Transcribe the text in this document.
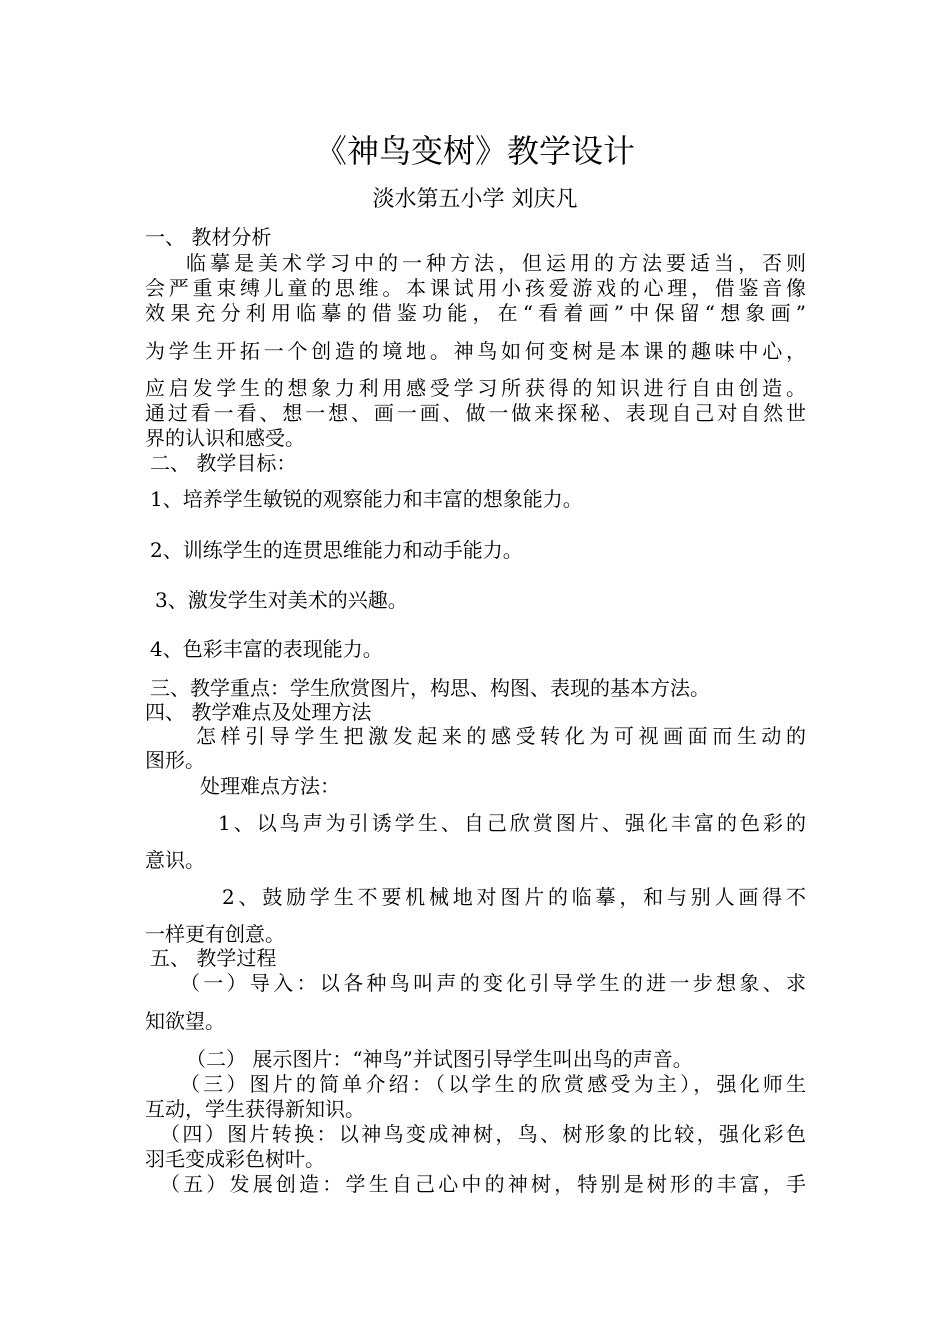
《神鸟变树》教学设计
淡水第五小学 刘庆凡
一、 教材分析
临摹是美术学习中的一种方法，但运用的方法要适当，否则
会严重束缚儿童的思维。本课试用小孩爱游戏的心理，借鉴音像
效果充分利用临摹的借鉴功能，在“看着画”中保留“想象画”
为学生开拓一个创造的境地。神鸟如何变树是本课的趣味中心，
应启发学生的想象力利用感受学习所获得的知识进行自由创造。
通过看一看、想一想、画一画、做一做来探秘、表现自己对自然世
界的认识和感受。
二、 教学目标：
1、培养学生敏锐的观察能力和丰富的想象能力。
2、训练学生的连贯思维能力和动手能力。
3、激发学生对美术的兴趣。
4、色彩丰富的表现能力。
三、教学重点：学生欣赏图片，构思、构图、表现的基本方法。
四、 教学难点及处理方法
怎样引导学生把激发起来的感受转化为可视画面而生动的
图形。
处理难点方法：
1、以鸟声为引诱学生、自己欣赏图片、强化丰富的色彩的
意识。
2、鼓励学生不要机械地对图片的临摹，和与别人画得不
一样更有创意。
五、 教学过程
（一）导入：以各种鸟叫声的变化引导学生的进一步想象、求
知欲望。
（二） 展示图片：“神鸟”并试图引导学生叫出鸟的声音。
（三）图片的简单介绍：（以学生的欣赏感受为主），强化师生
互动，学生获得新知识。
（四）图片转换：以神鸟变成神树，鸟、树形象的比较，强化彩色
羽毛变成彩色树叶。
（五）发展创造：学生自己心中的神树，特别是树形的丰富，手
